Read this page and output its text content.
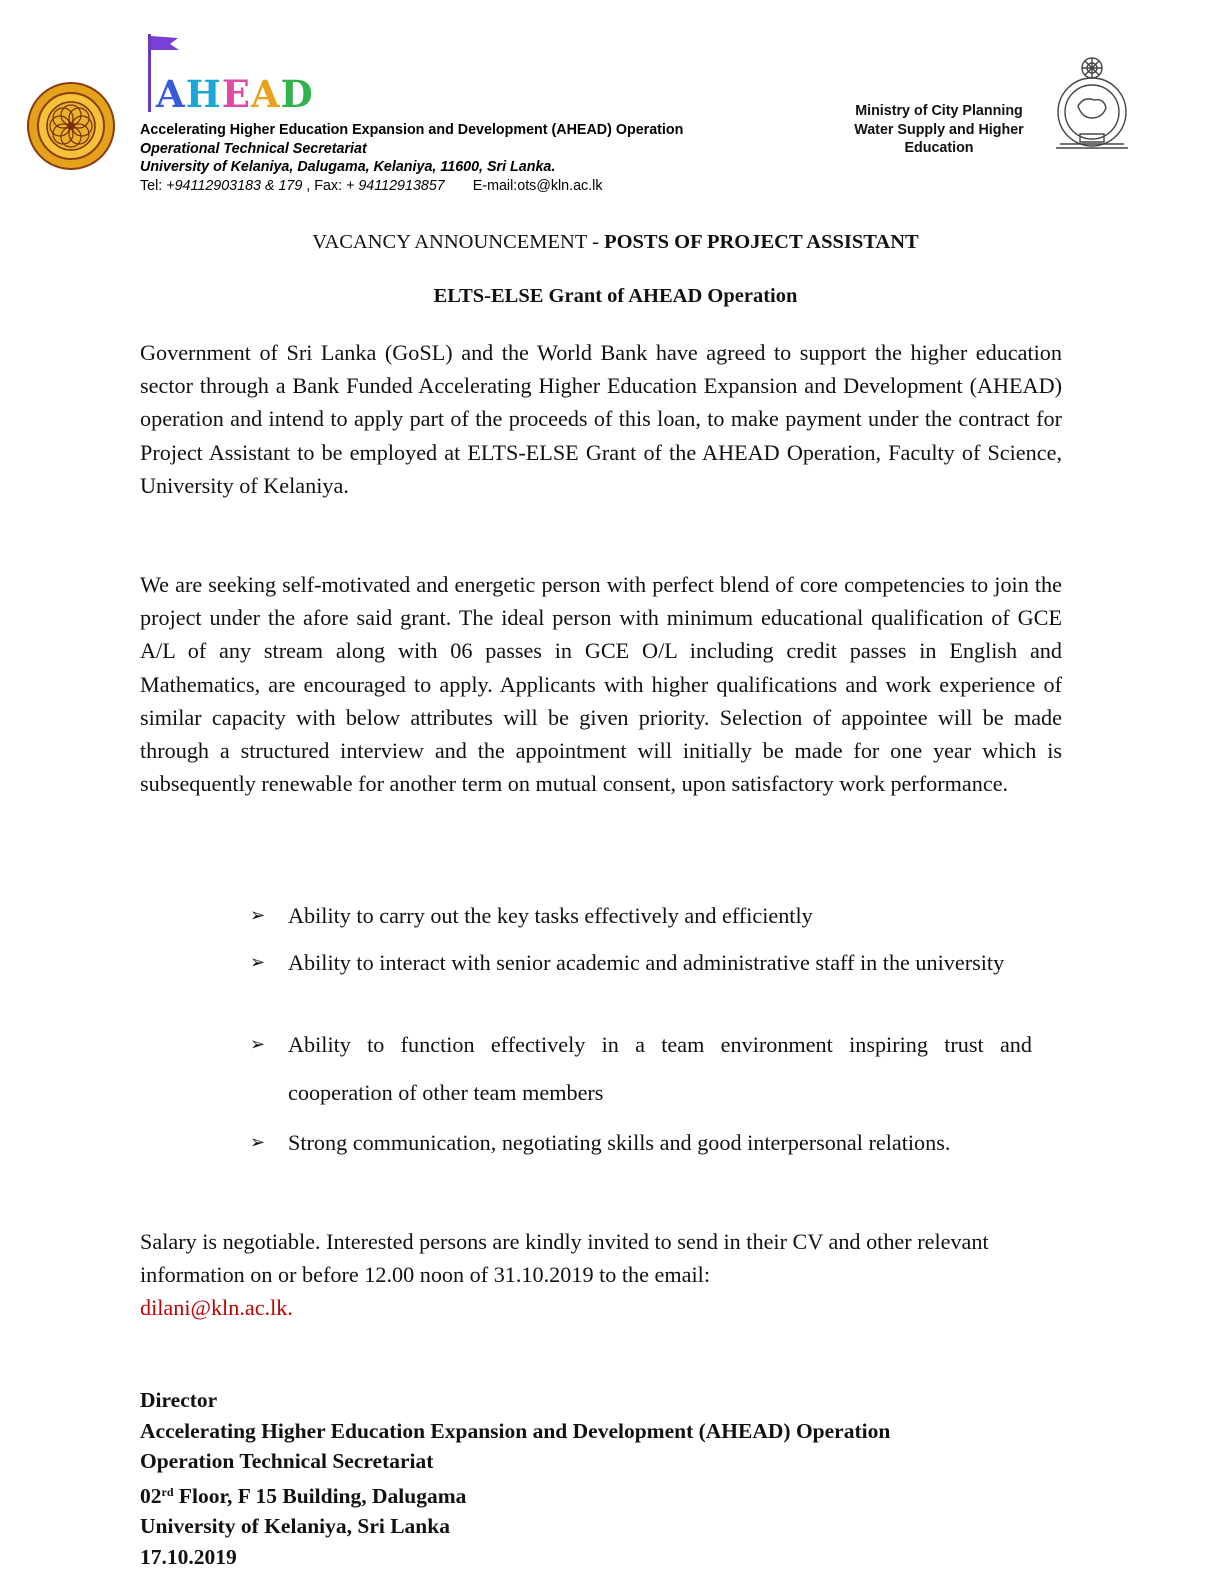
AHEAD
Accelerating Higher Education Expansion and Development (AHEAD) Operation
Operational Technical Secretariat
University of Kelaniya, Dalugama, Kelaniya, 11600, Sri Lanka.
Tel: +94112903183 & 179 , Fax: + 94112913857 E-mail:ots@kln.ac.lk
Ministry of City Planning
Water Supply and Higher
Education
VACANCY ANNOUNCEMENT - POSTS OF PROJECT ASSISTANT
ELTS-ELSE Grant of AHEAD Operation

Government of Sri Lanka (GoSL) and the World Bank have agreed to support the higher education sector through a Bank Funded Accelerating Higher Education Expansion and Development (AHEAD) operation and intend to apply part of the proceeds of this loan, to make payment under the contract for Project Assistant to be employed at ELTS-ELSE Grant of the AHEAD Operation, Faculty of Science, University of Kelaniya.

We are seeking self-motivated and energetic person with perfect blend of core competencies to join the project under the afore said grant. The ideal person with minimum educational qualification of GCE A/L of any stream along with 06 passes in GCE O/L including credit passes in English and Mathematics, are encouraged to apply. Applicants with higher qualifications and work experience of similar capacity with below attributes will be given priority. Selection of appointee will be made through a structured interview and the appointment will initially be made for one year which is subsequently renewable for another term on mutual consent, upon satisfactory work performance.

➢ Ability to carry out the key tasks effectively and efficiently
➢ Ability to interact with senior academic and administrative staff in the university
➢ Ability to function effectively in a team environment inspiring trust and cooperation of other team members
➢ Strong communication, negotiating skills and good interpersonal relations.

Salary is negotiable. Interested persons are kindly invited to send in their CV and other relevant information on or before 12.00 noon of 31.10.2019 to the email:
dilani@kln.ac.lk.

Director
Accelerating Higher Education Expansion and Development (AHEAD) Operation
Operation Technical Secretariat
02rd Floor, F 15 Building, Dalugama
University of Kelaniya, Sri Lanka
17.10.2019
